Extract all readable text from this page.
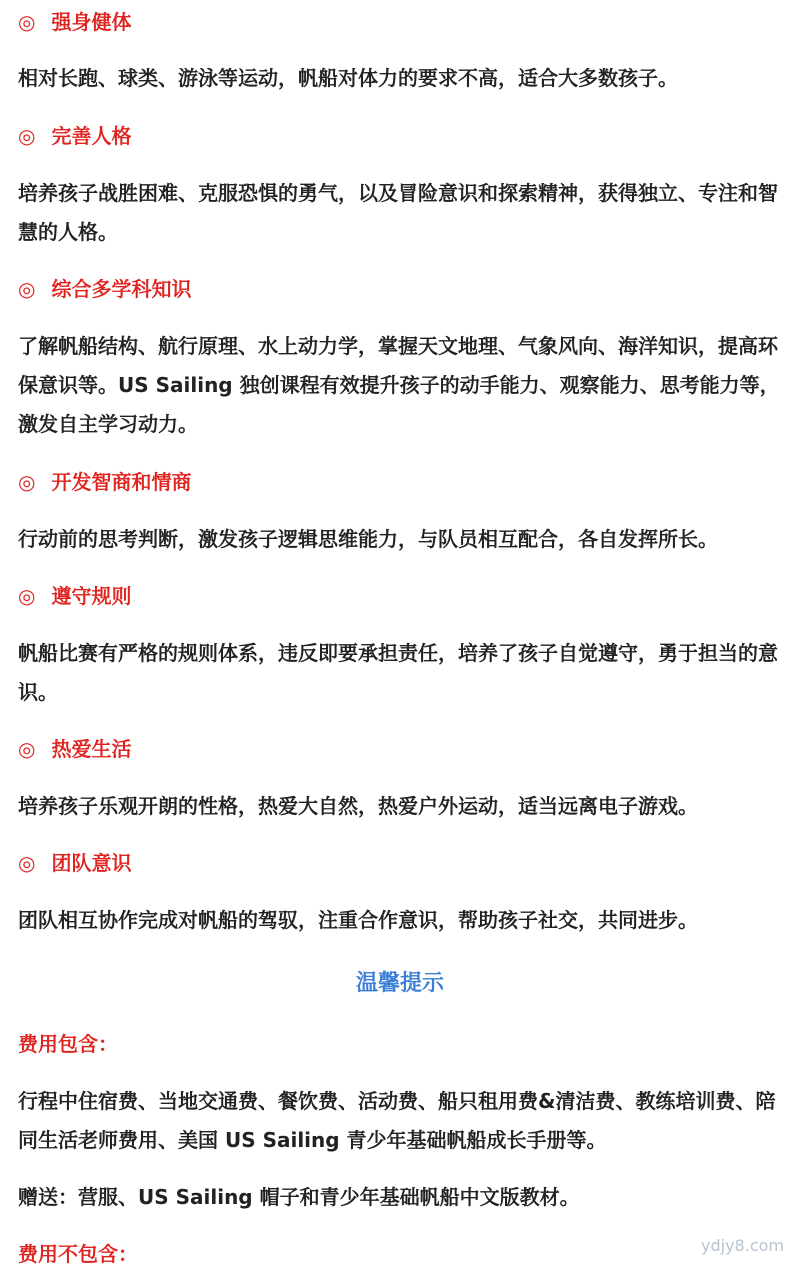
◎ 强身健体

相对长跑、球类、游泳等运动，帆船对体力的要求不高，适合大多数孩子。

◎ 完善人格

培养孩子战胜困难、克服恐惧的勇气，以及冒险意识和探索精神，获得独立、专注和智慧的人格。

◎ 综合多学科知识

了解帆船结构、航行原理、水上动力学，掌握天文地理、气象风向、海洋知识，提高环保意识等。US Sailing 独创课程有效提升孩子的动手能力、观察能力、思考能力等，激发自主学习动力。

◎ 开发智商和情商

行动前的思考判断，激发孩子逻辑思维能力，与队员相互配合，各自发挥所长。

◎ 遵守规则

帆船比赛有严格的规则体系，违反即要承担责任，培养了孩子自觉遵守，勇于担当的意识。

◎ 热爱生活

培养孩子乐观开朗的性格，热爱大自然，热爱户外运动，适当远离电子游戏。

◎ 团队意识

团队相互协作完成对帆船的驾驭，注重合作意识，帮助孩子社交，共同进步。

温馨提示
费用包含：

行程中住宿费、当地交通费、餐饮费、活动费、船只租用费&清洁费、教练培训费、陪同生活老师费用、美国 US Sailing 青少年基础帆船成长手册等。

赠送：营服、US Sailing 帽子和青少年基础帆船中文版教材。

费用不包含：	ydjy8.com
